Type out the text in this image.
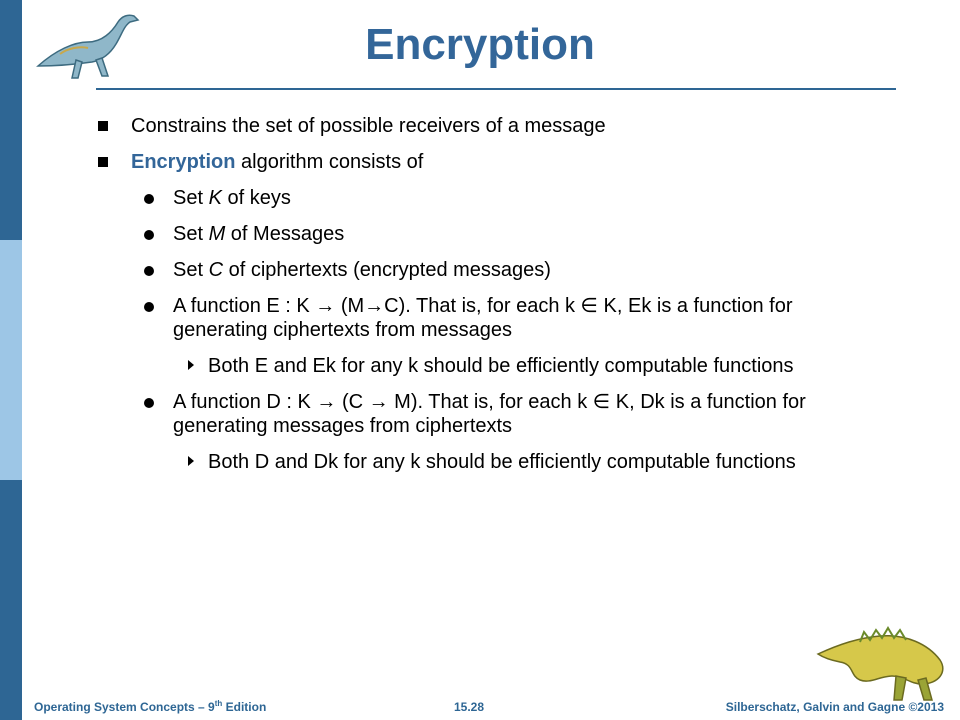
Encryption
Constrains the set of possible receivers of a message
Encryption algorithm consists of
Set K of keys
Set M of Messages
Set C of ciphertexts (encrypted messages)
A function E : K → (M→C). That is, for each k ∈ K, Ek is a function for generating ciphertexts from messages
Both E and Ek for any k should be efficiently computable functions
A function D : K → (C → M). That is, for each k ∈ K, Dk is a function for generating messages from ciphertexts
Both D and Dk for any k should be efficiently computable functions
Operating System Concepts – 9th Edition	15.28	Silberschatz, Galvin and Gagne ©2013
